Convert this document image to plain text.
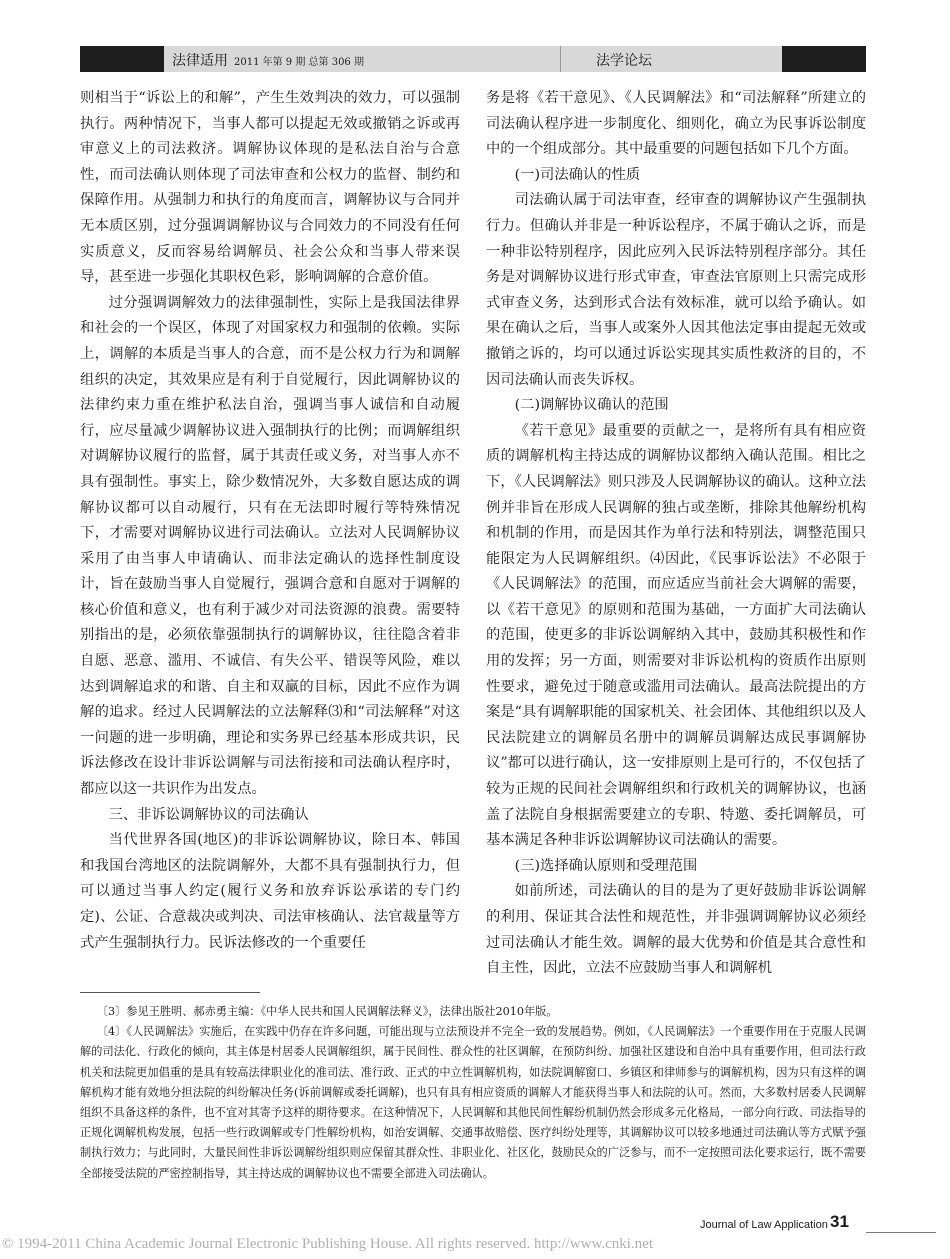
法律适用 2011 年第 9 期 总第 306 期	法学论坛

则相当于“诉讼上的和解”，产生生效判决的效力，可以强制执行。两种情况下，当事人都可以提起无效或撤销之诉或再审意义上的司法救济。调解协议体现的是私法自治与合意性，而司法确认则体现了司法审查和公权力的监督、制约和保障作用。从强制力和执行的角度而言，调解协议与合同并无本质区别，过分强调调解协议与合同效力的不同没有任何实质意义，反而容易给调解员、社会公众和当事人带来误导，甚至进一步强化其职权色彩，影响调解的合意价值。

过分强调调解效力的法律强制性，实际上是我国法律界和社会的一个误区，体现了对国家权力和强制的依赖。实际上，调解的本质是当事人的合意，而不是公权力行为和调解组织的决定，其效果应是有利于自觉履行，因此调解协议的法律约束力重在维护私法自治，强调当事人诚信和自动履行，应尽量减少调解协议进入强制执行的比例；而调解组织对调解协议履行的监督，属于其责任或义务，对当事人亦不具有强制性。事实上，除少数情况外，大多数自愿达成的调解协议都可以自动履行，只有在无法即时履行等特殊情况下，才需要对调解协议进行司法确认。立法对人民调解协议采用了由当事人申请确认、而非法定确认的选择性制度设计，旨在鼓励当事人自觉履行，强调合意和自愿对于调解的核心价值和意义，也有利于减少对司法资源的浪费。需要特别指出的是，必须依靠强制执行的调解协议，往往隐含着非自愿、恶意、滥用、不诚信、有失公平、错误等风险，难以达到调解追求的和谐、自主和双赢的目标，因此不应作为调解的追求。经过人民调解法的立法解释⑶和“司法解释”对这一问题的进一步明确，理论和实务界已经基本形成共识，民诉法修改在设计非诉讼调解与司法衔接和司法确认程序时，都应以这一共识作为出发点。

三、非诉讼调解协议的司法确认

当代世界各国(地区)的非诉讼调解协议，除日本、韩国和我国台湾地区的法院调解外，大都不具有强制执行力，但可以通过当事人约定(履行义务和放弃诉讼承诺的专门约定)、公证、合意裁决或判决、司法审核确认、法官裁量等方式产生强制执行力。民诉法修改的一个重要任

务是将《若干意见》、《人民调解法》和“司法解释”所建立的司法确认程序进一步制度化、细则化，确立为民事诉讼制度中的一个组成部分。其中最重要的问题包括如下几个方面。

(一)司法确认的性质

司法确认属于司法审查，经审查的调解协议产生强制执行力。但确认并非是一种诉讼程序，不属于确认之诉，而是一种非讼特别程序，因此应列入民诉法特别程序部分。其任务是对调解协议进行形式审查，审查法官原则上只需完成形式审查义务，达到形式合法有效标准，就可以给予确认。如果在确认之后，当事人或案外人因其他法定事由提起无效或撤销之诉的，均可以通过诉讼实现其实质性救济的目的，不因司法确认而丧失诉权。

(二)调解协议确认的范围

《若干意见》最重要的贡献之一，是将所有具有相应资质的调解机构主持达成的调解协议都纳入确认范围。相比之下，《人民调解法》则只涉及人民调解协议的确认。这种立法例并非旨在形成人民调解的独占或垄断，排除其他解纷机构和机制的作用，而是因其作为单行法和特别法，调整范围只能限定为人民调解组织。⑷因此，《民事诉讼法》不必限于《人民调解法》的范围，而应适应当前社会大调解的需要，以《若干意见》的原则和范围为基础，一方面扩大司法确认的范围，使更多的非诉讼调解纳入其中，鼓励其积极性和作用的发挥；另一方面，则需要对非诉讼机构的资质作出原则性要求，避免过于随意或滥用司法确认。最高法院提出的方案是“具有调解职能的国家机关、社会团体、其他组织以及人民法院建立的调解员名册中的调解员调解达成民事调解协议”都可以进行确认，这一安排原则上是可行的，不仅包括了较为正规的民间社会调解组织和行政机关的调解协议，也涵盖了法院自身根据需要建立的专职、特邀、委托调解员，可基本满足各种非诉讼调解协议司法确认的需要。

(三)选择确认原则和受理范围

如前所述，司法确认的目的是为了更好鼓励非诉讼调解的利用、保证其合法性和规范性，并非强调调解协议必须经过司法确认才能生效。调解的最大优势和价值是其合意性和自主性，因此，立法不应鼓励当事人和调解机

〔3〕参见王胜明、郝赤勇主编：《中华人民共和国人民调解法释义》，法律出版社2010年版。

〔4〕《人民调解法》实施后，在实践中仍存在许多问题，可能出现与立法预设并不完全一致的发展趋势。例如，《人民调解法》一个重要作用在于克服人民调解的司法化、行政化的倾向，其主体是村居委人民调解组织，属于民间性、群众性的社区调解，在预防纠纷、加强社区建设和自治中具有重要作用，但司法行政机关和法院更加倡重的是具有较高法律职业化的准司法、准行政、正式的中立性调解机构，如法院调解窗口、乡镇区和律师参与的调解机构，因为只有这样的调解机构才能有效地分担法院的纠纷解决任务(诉前调解或委托调解)，也只有具有相应资质的调解人才能获得当事人和法院的认可。然而，大多数村居委人民调解组织不具备这样的条件，也不宜对其寄予这样的期待要求。在这种情况下，人民调解和其他民间性解纷机制仍然会形成多元化格局，一部分向行政、司法指导的正规化调解机构发展，包括一些行政调解或专门性解纷机构，如治安调解、交通事故赔偿、医疗纠纷处理等，其调解协议可以较多地通过司法确认等方式赋予强制执行效力；与此同时，大量民间性非诉讼调解纷组织则应保留其群众性、非职业化、社区化，鼓励民众的广泛参与，而不一定按照司法化要求运行，既不需要全部接受法院的严密控制指导，其主持达成的调解协议也不需要全部进入司法确认。

Journal of Law Application 31
© 1994-2011 China Academic Journal Electronic Publishing House. All rights reserved. http://www.cnki.net
